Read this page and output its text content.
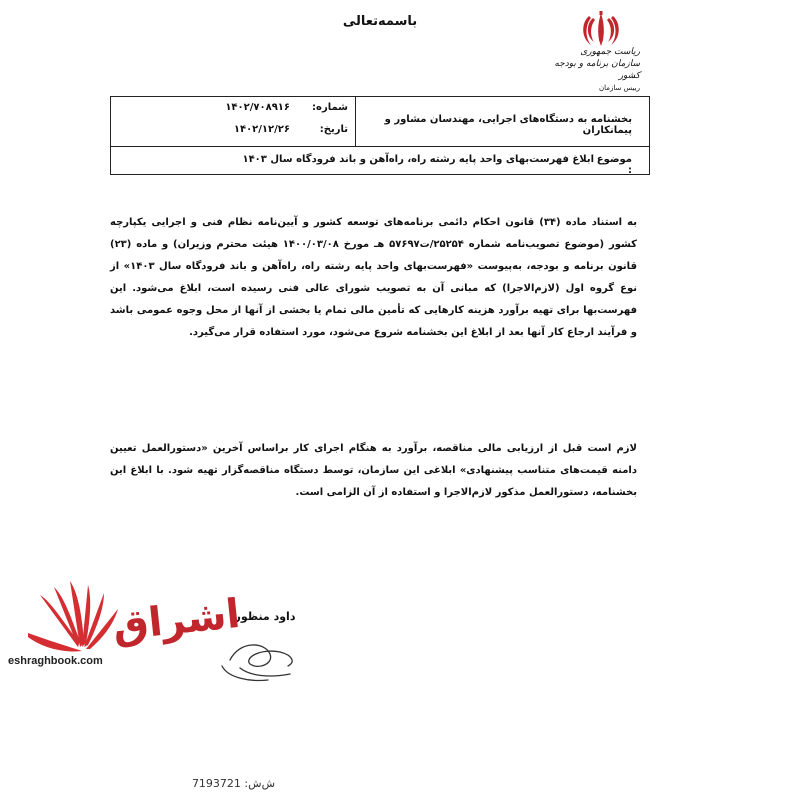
باسمه‌تعالی
ریاست جمهوری
سازمان برنامه و بودجه کشور
رییس سازمان
بخشنامه به دستگاه‌های اجرایی، مهندسان مشاور و پیمانکاران
شماره:
۱۴۰۲/۷۰۸۹۱۶
تاریخ:
۱۴۰۲/۱۲/۲۶
موضوع :
ابلاغ فهرست‌بهای واحد پایه رشته راه، راه‌آهن و باند فرودگاه سال ۱۴۰۳
به استناد ماده (۳۴) قانون احکام دائمی برنامه‌های توسعه کشور و آیین‌نامه نظام فنی و اجرایی یکپارچه کشور (موضوع تصویب‌نامه شماره ۲۵۲۵۴/ت۵۷۶۹۷ هـ مورخ ۱۴۰۰/۰۳/۰۸ هیئت محترم وزیران) و ماده (۲۳) قانون برنامه و بودجه، به‌پیوست «فهرست‌بهای واحد پایه رشته راه، راه‌آهن و باند فرودگاه سال ۱۴۰۳» از نوع گروه اول (لازم‌الاجرا) که مبانی آن به تصویب شورای عالی فنی رسیده است، ابلاغ می‌شود. این فهرست‌بها برای تهیه برآورد هزینه کارهایی که تأمین مالی تمام یا بخشی از آنها از محل وجوه عمومی باشد و فرآیند ارجاع کار آنها بعد از ابلاغ این بخشنامه شروع می‌شود، مورد استفاده قرار می‌گیرد.
لازم است قبل از ارزیابی مالی مناقصه، برآورد به هنگام اجرای کار براساس آخرین «دستورالعمل تعیین دامنه قیمت‌های متناسب پیشنهادی» ابلاغی این سازمان، توسط دستگاه مناقصه‌گزار تهیه شود. با ابلاغ این بخشنامه، دستورالعمل مذکور لازم‌الاجرا و استفاده از آن الزامی است.
داود منظور
اشراق
eshraghbook.com
ش‌ش: 7193721
